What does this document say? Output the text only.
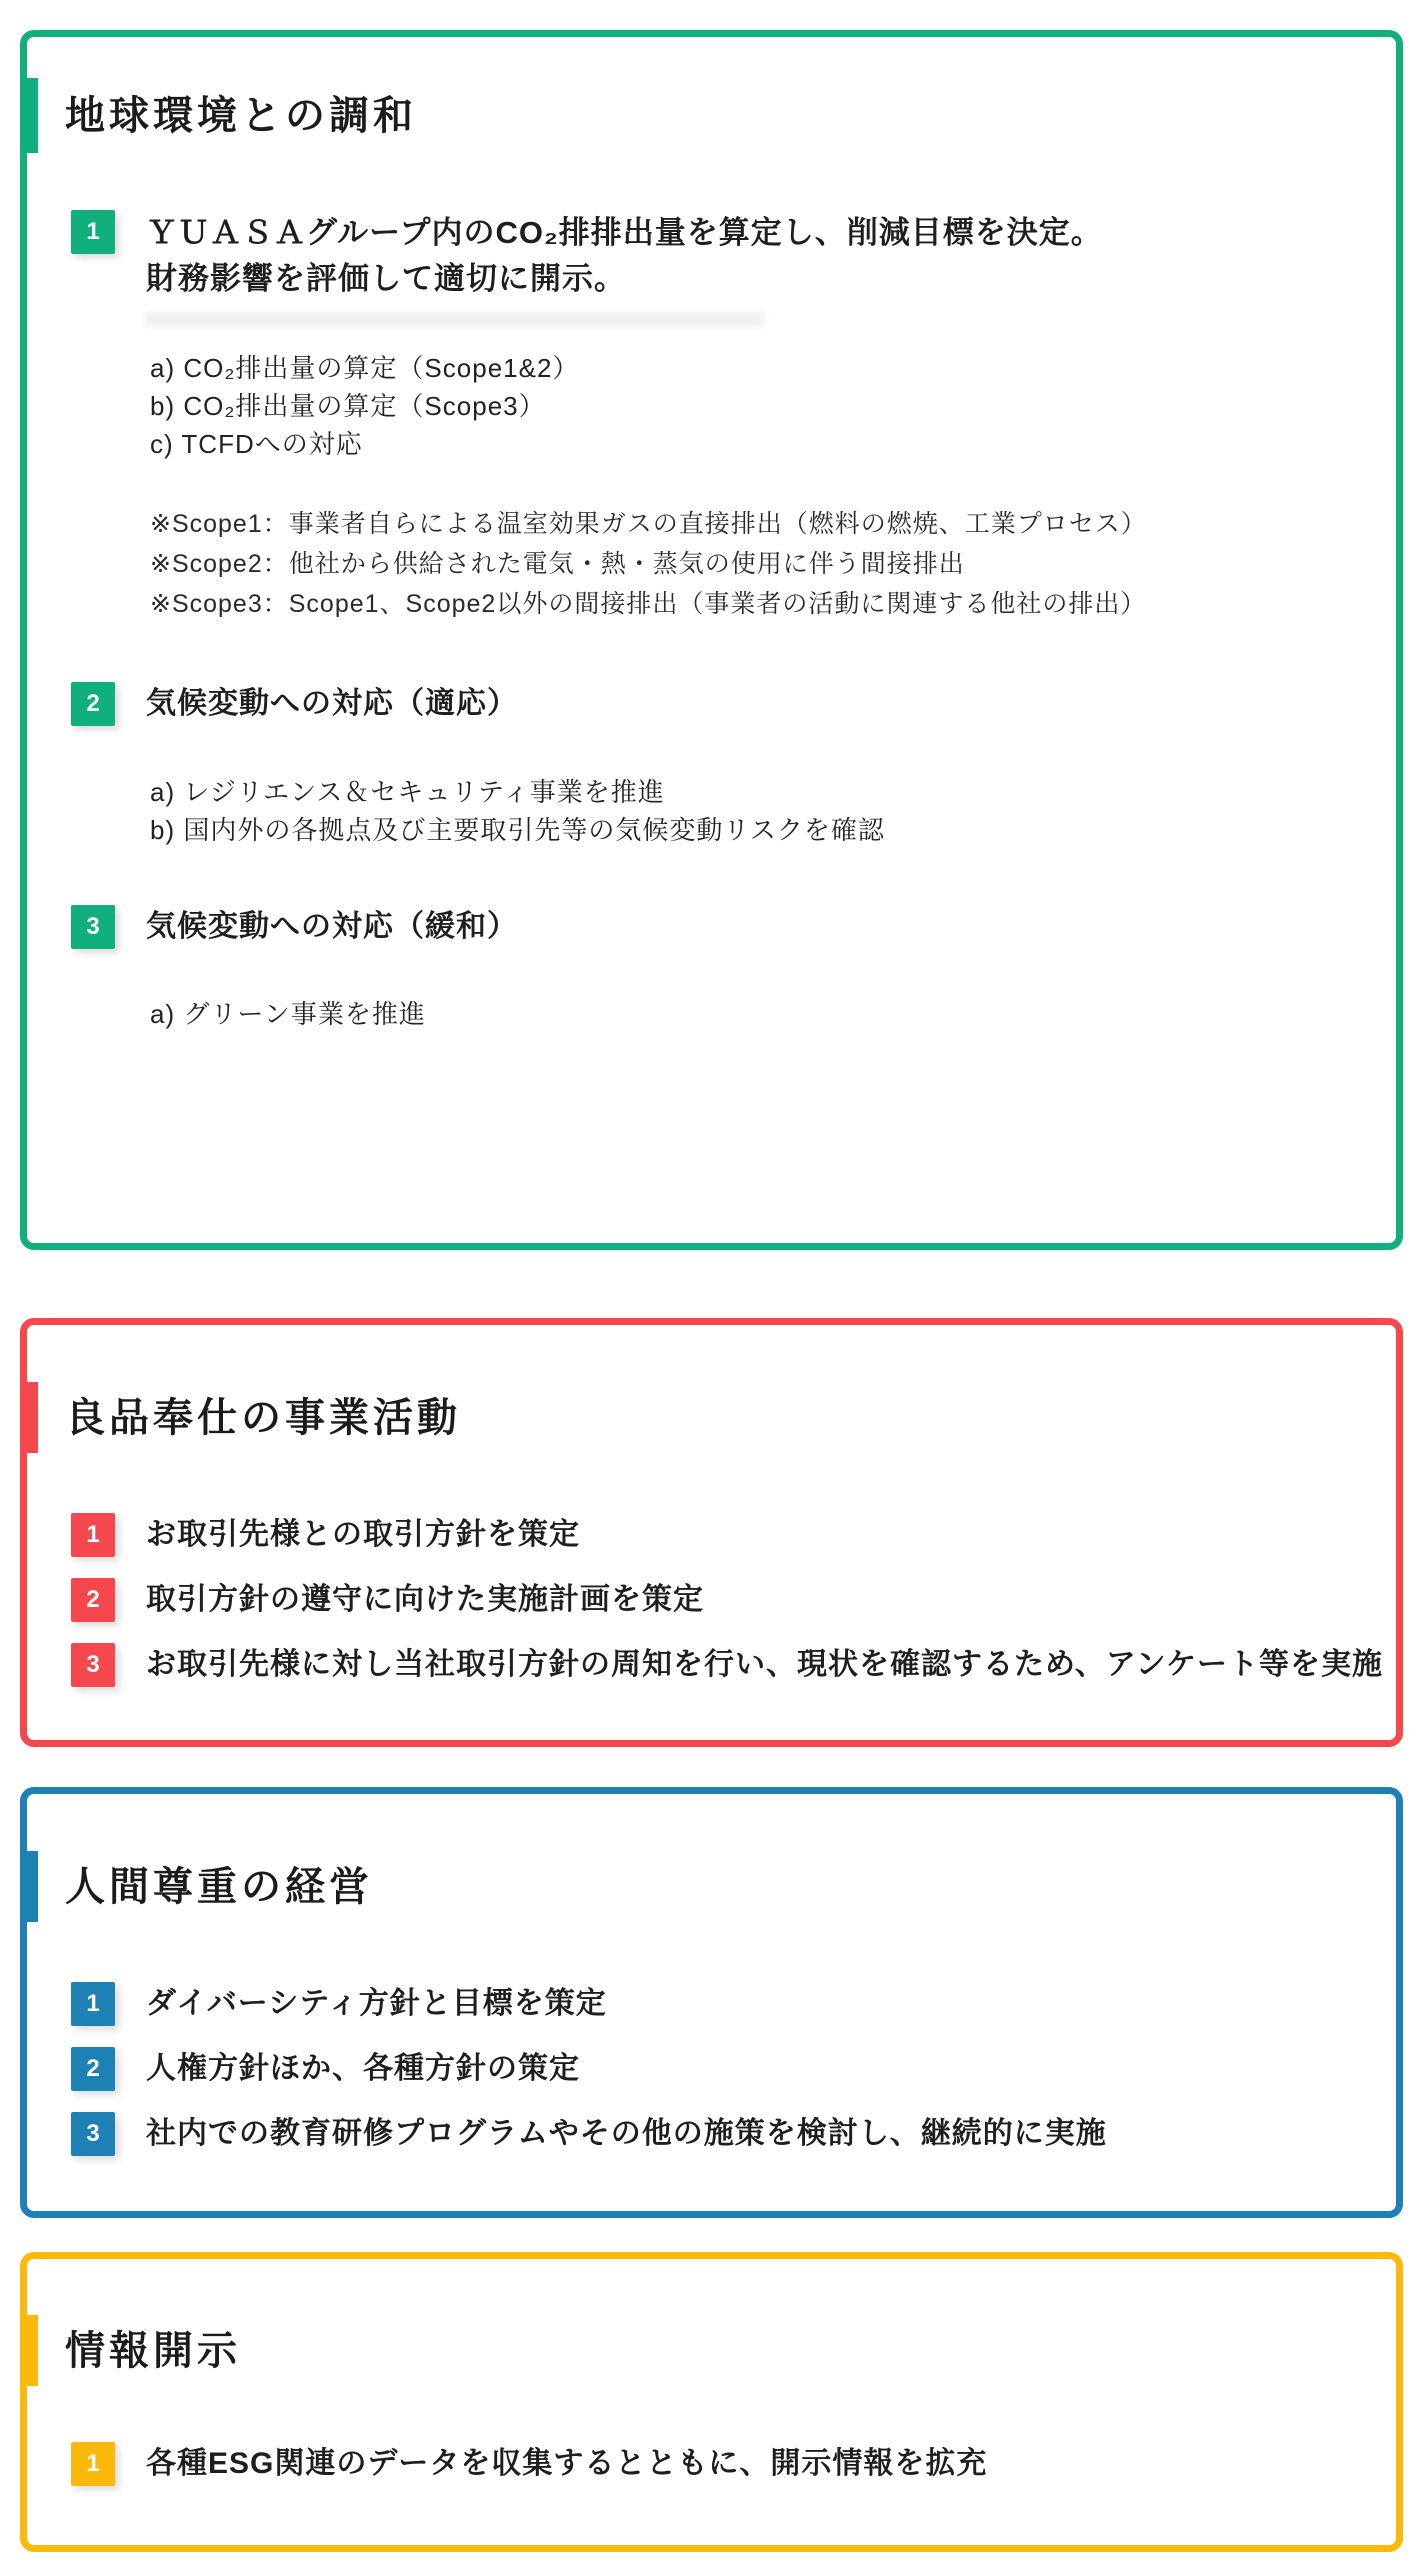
地球環境との調和
1	ＹＵＡＳＡグループ内のCO₂排排出量を算定し、削減目標を決定。
財務影響を評価して適切に開示。
a) CO₂排出量の算定（Scope1&2）
b) CO₂排出量の算定（Scope3）
c) TCFDへの対応
※Scope1：事業者自らによる温室効果ガスの直接排出（燃料の燃焼、工業プロセス）
※Scope2：他社から供給された電気・熱・蒸気の使用に伴う間接排出
※Scope3：Scope1、Scope2以外の間接排出（事業者の活動に関連する他社の排出）
2	気候変動への対応（適応）
a) レジリエンス＆セキュリティ事業を推進
b) 国内外の各拠点及び主要取引先等の気候変動リスクを確認
3	気候変動への対応（緩和）
a) グリーン事業を推進
良品奉仕の事業活動
1	お取引先様との取引方針を策定
2	取引方針の遵守に向けた実施計画を策定
3	お取引先様に対し当社取引方針の周知を行い、現状を確認するため、アンケート等を実施
人間尊重の経営
1	ダイバーシティ方針と目標を策定
2	人権方針ほか、各種方針の策定
3	社内での教育研修プログラムやその他の施策を検討し、継続的に実施
情報開示
1	各種ESG関連のデータを収集するとともに、開示情報を拡充
